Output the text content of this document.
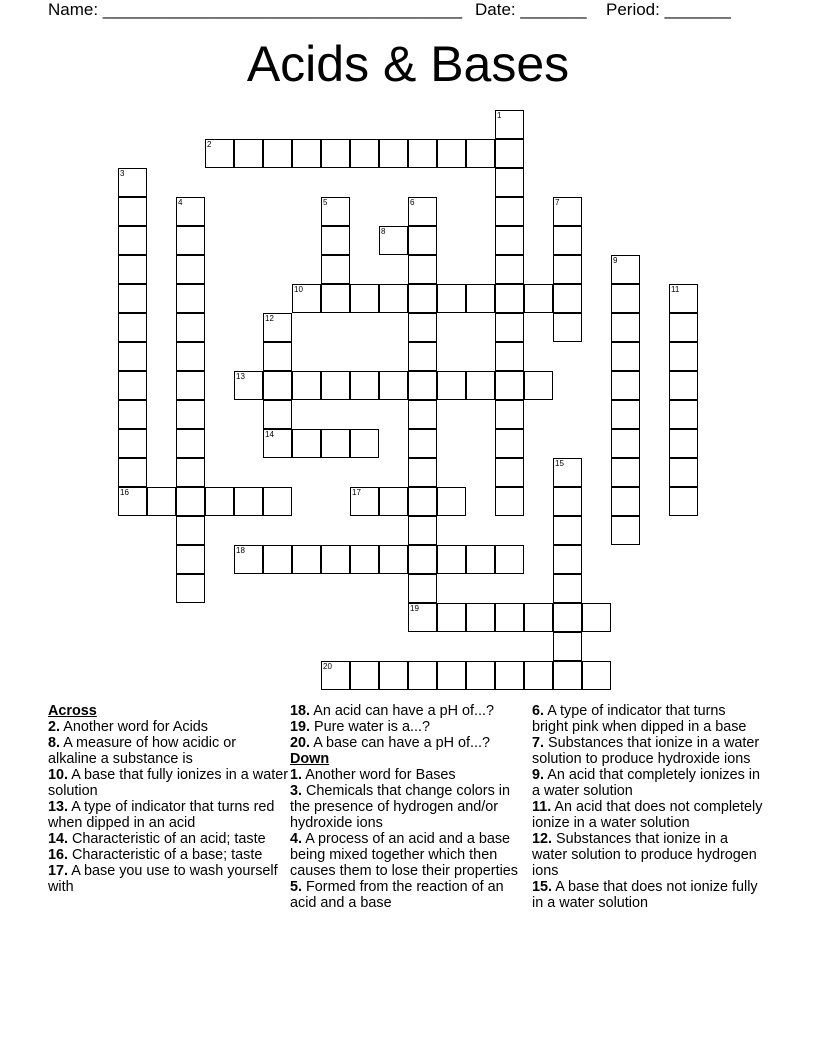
Name: ______________________________________ Date: _______ Period: _______
Acids & Bases
1
2
3
4	5	6
19
7
8
9
10	11
12
14
13
15
16	17
18
20
Across
2. Another word for Acids
8. A measure of how acidic or alkaline a substance is
10. A base that fully ionizes in a water solution
13. A type of indicator that turns red when dipped in an acid
14. Characteristic of an acid; taste
16. Characteristic of a base; taste
17. A base you use to wash yourself with
18. An acid can have a pH of...?
19. Pure water is a...?
20. A base can have a pH of...?
Down
1. Another word for Bases
3. Chemicals that change colors in the presence of hydrogen and/or hydroxide ions
4. A process of an acid and a base being mixed together which then causes them to lose their properties
5. Formed from the reaction of an acid and a base
6. A type of indicator that turns bright pink when dipped in a base
7. Substances that ionize in a water solution to produce hydroxide ions
9. An acid that completely ionizes in a water solution
11. An acid that does not completely ionize in a water solution
12. Substances that ionize in a water solution to produce hydrogen ions
15. A base that does not ionize fully in a water solution
